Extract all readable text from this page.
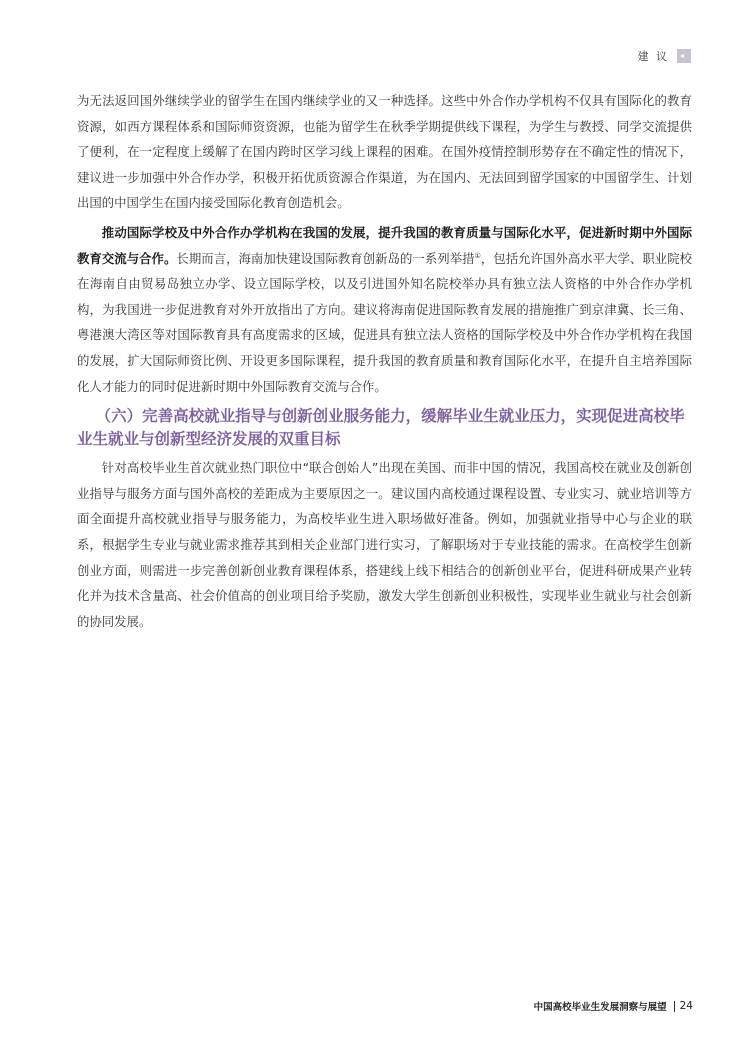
建 议

为无法返回国外继续学业的留学生在国内继续学业的又一种选择。这些中外合作办学机构不仅具有国际化的教育资源，如西方课程体系和国际师资资源，也能为留学生在秋季学期提供线下课程，为学生与教授、同学交流提供了便利，在一定程度上缓解了在国内跨时区学习线上课程的困难。在国外疫情控制形势存在不确定性的情况下，建议进一步加强中外合作办学，积极开拓优质资源合作渠道，为在国内、无法回到留学国家的中国留学生、计划出国的中国学生在国内接受国际化教育创造机会。

推动国际学校及中外合作办学机构在我国的发展，提升我国的教育质量与国际化水平，促进新时期中外国际教育交流与合作。长期而言，海南加快建设国际教育创新岛的一系列举措①，包括允许国外高水平大学、职业院校在海南自由贸易岛独立办学、设立国际学校，以及引进国外知名院校举办具有独立法人资格的中外合作办学机构，为我国进一步促进教育对外开放指出了方向。建议将海南促进国际教育发展的措施推广到京津冀、长三角、粤港澳大湾区等对国际教育具有高度需求的区域，促进具有独立法人资格的国际学校及中外合作办学机构在我国的发展，扩大国际师资比例、开设更多国际课程，提升我国的教育质量和教育国际化水平，在提升自主培养国际化人才能力的同时促进新时期中外国际教育交流与合作。

（六）完善高校就业指导与创新创业服务能力，缓解毕业生就业压力，实现促进高校毕业生就业与创新型经济发展的双重目标

针对高校毕业生首次就业热门职位中“联合创始人”出现在美国、而非中国的情况，我国高校在就业及创新创业指导与服务方面与国外高校的差距成为主要原因之一。建议国内高校通过课程设置、专业实习、就业培训等方面全面提升高校就业指导与服务能力，为高校毕业生进入职场做好准备。例如，加强就业指导中心与企业的联系，根据学生专业与就业需求推荐其到相关企业部门进行实习，了解职场对于专业技能的需求。在高校学生创新创业方面，则需进一步完善创新创业教育课程体系，搭建线上线下相结合的创新创业平台，促进科研成果产业转化并为技术含量高、社会价值高的创业项目给予奖励，激发大学生创新创业积极性，实现毕业生就业与社会创新的协同发展。

中国高校毕业生发展洞察与展望 24
